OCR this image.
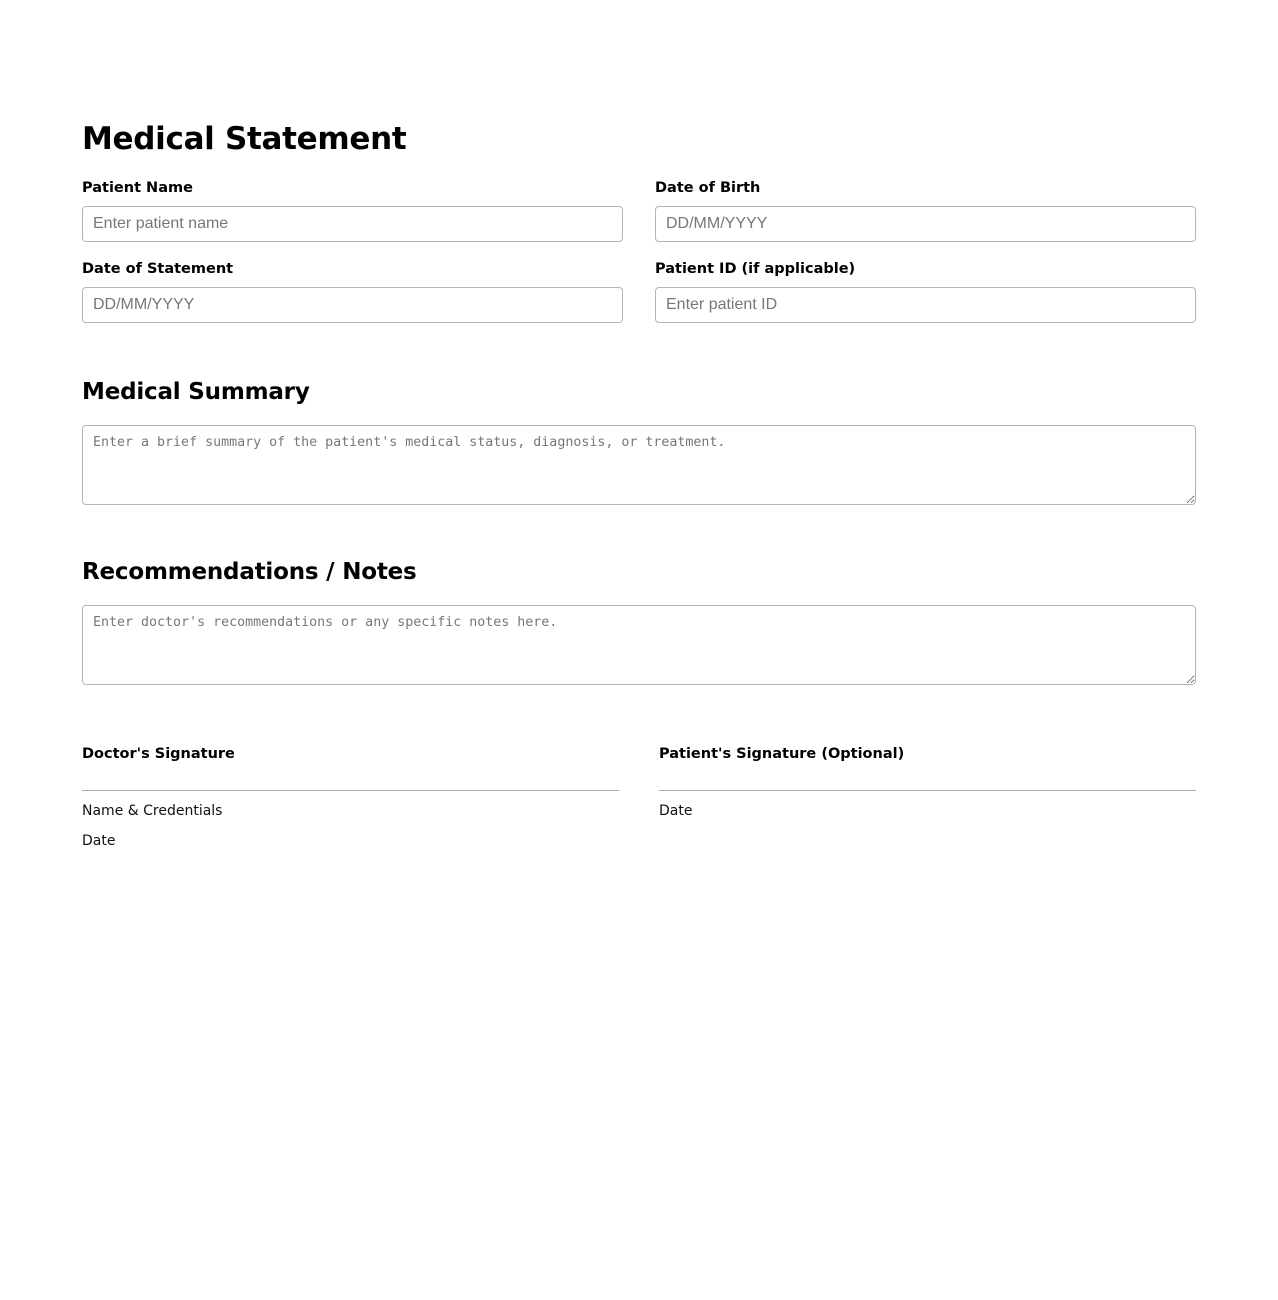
Medical Statement
Patient Name
Enter patient name	Date of Birth
DD/MM/YYYY
Date of Statement
DD/MM/YYYY	Patient ID (if applicable)
Enter patient ID
Medical Summary
Enter a brief summary of the patient's medical status, diagnosis, or treatment.
Recommendations / Notes
Enter doctor's recommendations or any specific notes here.

Doctor's Signature

Name & Credentials
Date

Patient's Signature (Optional)

Date
